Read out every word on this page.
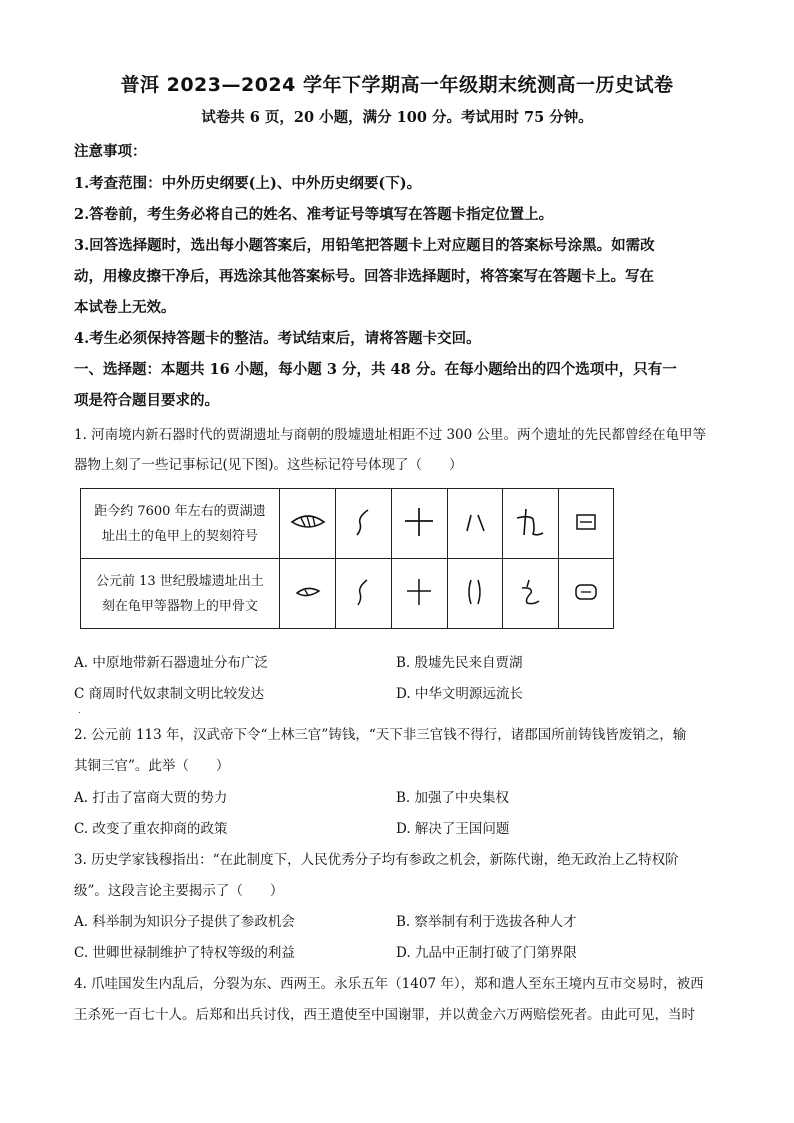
普洱 2023—2024 学年下学期高一年级期末统测高一历史试卷
试卷共 6 页，20 小题，满分 100 分。考试用时 75 分钟。
注意事项：
1.考查范围：中外历史纲要(上)、中外历史纲要(下)。
2.答卷前，考生务必将自己的姓名、准考证号等填写在答题卡指定位置上。
3.回答选择题时，选出每小题答案后，用铅笔把答题卡上对应题目的答案标号涂黑。如需改
动，用橡皮擦干净后，再选涂其他答案标号。回答非选择题时，将答案写在答题卡上。写在
本试卷上无效。
4.考生必须保持答题卡的整洁。考试结束后，请将答题卡交回。
一、选择题：本题共 16 小题，每小题 3 分，共 48 分。在每小题给出的四个选项中，只有一
项是符合题目要求的。
1. 河南境内新石器时代的贾湖遗址与商朝的殷墟遗址相距不过 300 公里。两个遗址的先民都曾经在龟甲等
器物上刻了一些记事标记(见下图)。这些标记符号体现了（　　）
距今约 7600 年左右的贾湖遗
址出土的龟甲上的契刻符号

公元前 13 世纪殷墟遗址出土
刻在龟甲等器物上的甲骨文

A. 中原地带新石器遗址分布广泛	B. 殷墟先民来自贾湖
C 商周时代奴隶制文明比较发达	D. 中华文明源远流长
.
2. 公元前 113 年，汉武帝下令“上林三官”铸钱，“天下非三官钱不得行，诸郡国所前铸钱皆废销之，输
其铜三官”。此举（　　）
A. 打击了富商大贾的势力	B. 加强了中央集权
C. 改变了重农抑商的政策	D. 解决了王国问题
3. 历史学家钱穆指出：“在此制度下，人民优秀分子均有参政之机会，新陈代谢，绝无政治上乙特权阶
级”。这段言论主要揭示了（　　）
A. 科举制为知识分子提供了参政机会	B. 察举制有利于选拔各种人才
C. 世卿世禄制维护了特权等级的利益	D. 九品中正制打破了门第界限
4. 爪哇国发生内乱后，分裂为东、西两王。永乐五年（1407 年），郑和遣人至东王境内互市交易时，被西
王杀死一百七十人。后郑和出兵讨伐，西王遣使至中国谢罪，并以黄金六万两赔偿死者。由此可见，当时
